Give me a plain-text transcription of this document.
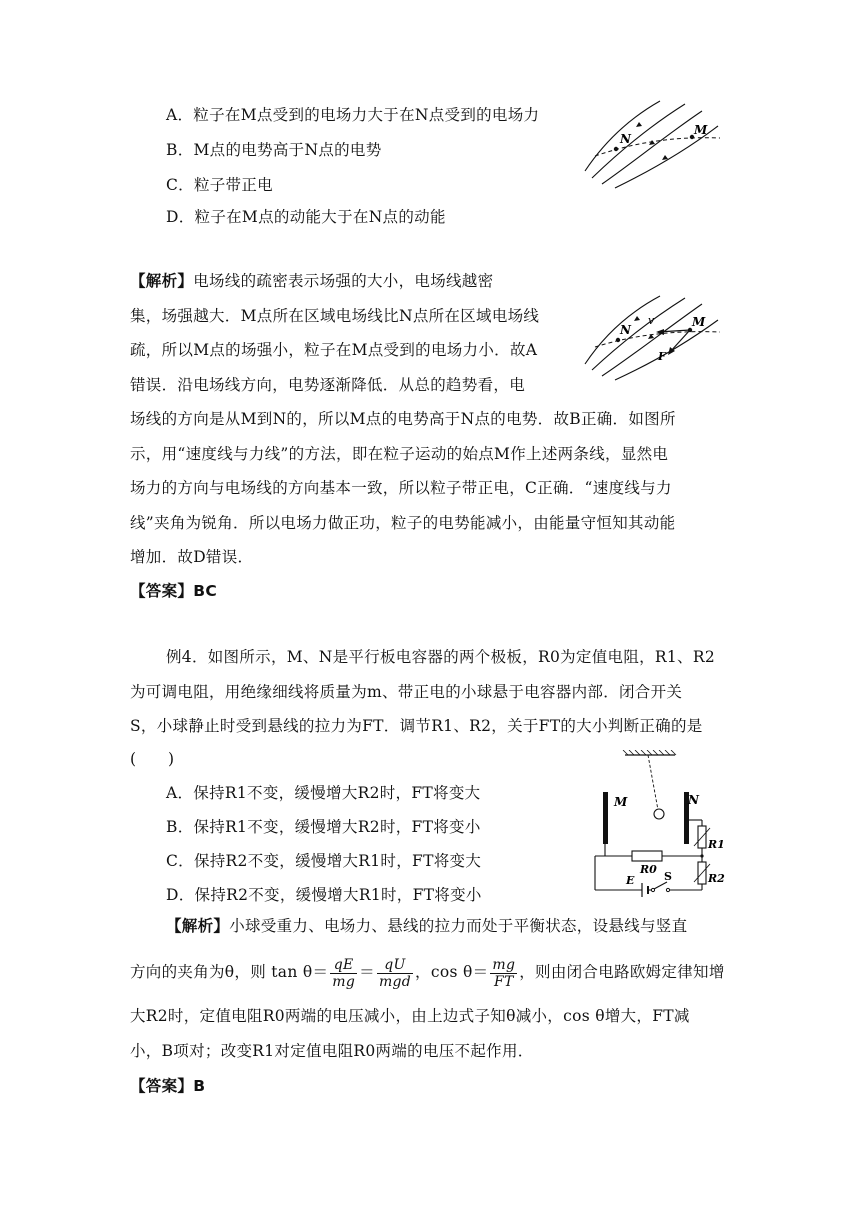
A．粒子在M点受到的电场力大于在N点受到的电场力
B．M点的电势高于N点的电势
C．粒子带正电
D．粒子在M点的动能大于在N点的动能
N
M
【解析】电场线的疏密表示场强的大小，电场线越密
集，场强越大．M点所在区域电场线比N点所在区域电场线
疏，所以M点的场强小，粒子在M点受到的电场力小．故A
错误．沿电场线方向，电势逐渐降低．从总的趋势看，电
场线的方向是从M到N的，所以M点的电势高于N点的电势．故B正确．如图所
示，用“速度线与力线”的方法，即在粒子运动的始点M作上述两条线，显然电
场力的方向与电场线的方向基本一致，所以粒子带正电，C正确．“速度线与力
线”夹角为锐角．所以电场力做正功，粒子的电势能减小，由能量守恒知其动能
增加．故D错误．
【答案】BC
N
M
v
F
例4．如图所示，M、N是平行板电容器的两个极板，R0为定值电阻，R1、R2
为可调电阻，用绝缘细线将质量为m、带正电的小球悬于电容器内部．闭合开关
S，小球静止时受到悬线的拉力为FT．调节R1、R2，关于FT的大小判断正确的是
(　　)
A．保持R1不变，缓慢增大R2时，FT将变大
B．保持R1不变，缓慢增大R2时，FT将变小
C．保持R2不变，缓慢增大R1时，FT将变大
D．保持R2不变，缓慢增大R1时，FT将变小
M	N
R0
R1
R2
E	S
【解析】小球受重力、电场力、悬线的拉力而处于平衡状态，设悬线与竖直
方向的夹角为θ，则 $\tan \theta= \frac{qE}{mg} = \frac{qU}{\text{mgd}}$ ，$\cos \theta= \frac{mg}{FT}$ ，则由闭合电路欧姆定律知增
大R2时，定值电阻R0两端的电压减小，由上边式子知θ减小，cos θ增大，FT减
小，B项对；改变R1对定值电阻R0两端的电压不起作用．
【答案】B
